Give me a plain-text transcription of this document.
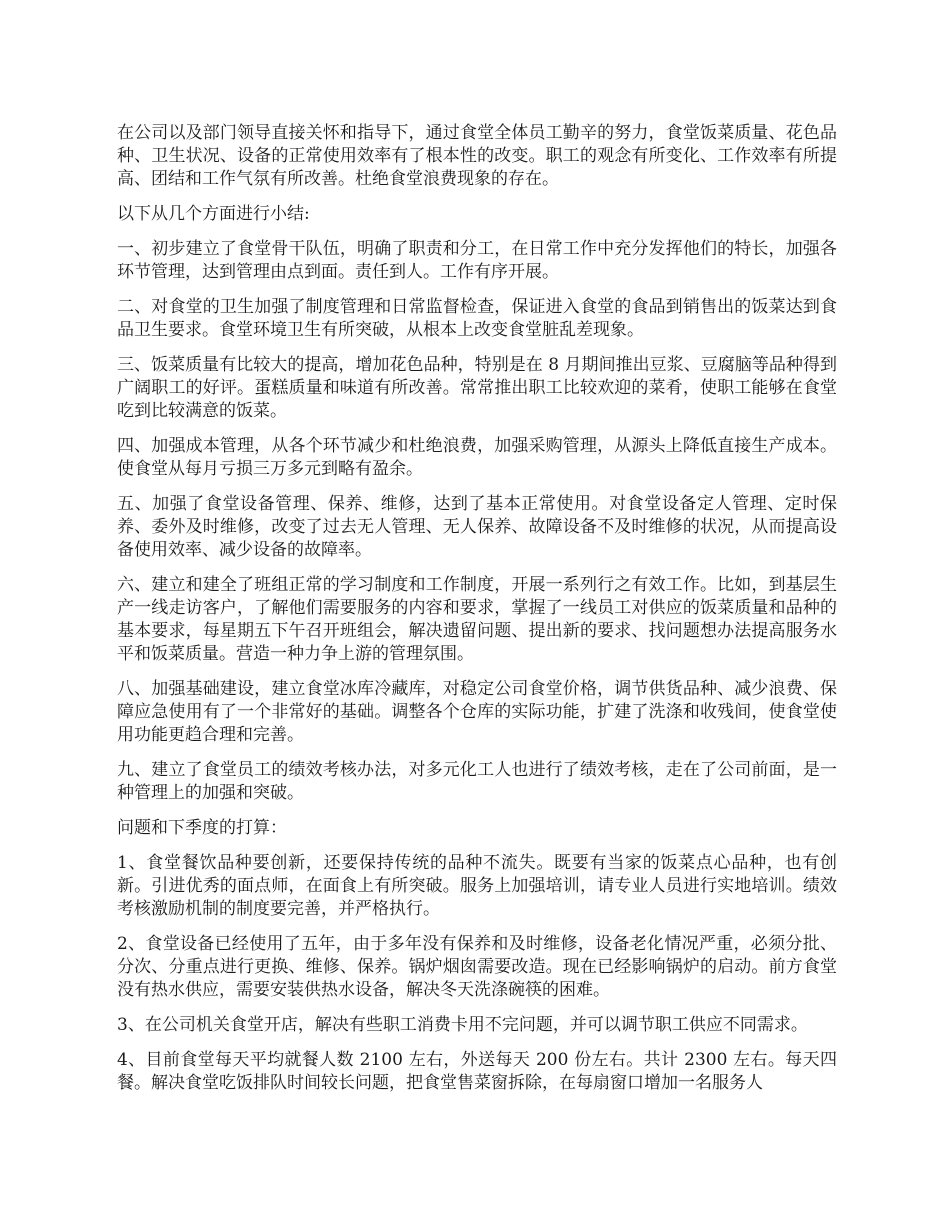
在公司以及部门领导直接关怀和指导下，通过食堂全体员工勤辛的努力，食堂饭菜质量、花色品种、卫生状况、设备的正常使用效率有了根本性的改变。职工的观念有所变化、工作效率有所提高、团结和工作气氛有所改善。杜绝食堂浪费现象的存在。

以下从几个方面进行小结:

一、初步建立了食堂骨干队伍，明确了职责和分工，在日常工作中充分发挥他们的特长，加强各环节管理，达到管理由点到面。责任到人。工作有序开展。

二、对食堂的卫生加强了制度管理和日常监督检查，保证进入食堂的食品到销售出的饭菜达到食品卫生要求。食堂环境卫生有所突破，从根本上改变食堂脏乱差现象。

三、饭菜质量有比较大的提高，增加花色品种，特别是在 8 月期间推出豆浆、豆腐脑等品种得到广阔职工的好评。蛋糕质量和味道有所改善。常常推出职工比较欢迎的菜肴，使职工能够在食堂吃到比较满意的饭菜。

四、加强成本管理，从各个环节减少和杜绝浪费，加强采购管理，从源头上降低直接生产成本。使食堂从每月亏损三万多元到略有盈余。

五、加强了食堂设备管理、保养、维修，达到了基本正常使用。对食堂设备定人管理、定时保养、委外及时维修，改变了过去无人管理、无人保养、故障设备不及时维修的状况，从而提高设备使用效率、减少设备的故障率。

六、建立和建全了班组正常的学习制度和工作制度，开展一系列行之有效工作。比如，到基层生产一线走访客户，了解他们需要服务的内容和要求，掌握了一线员工对供应的饭菜质量和品种的基本要求，每星期五下午召开班组会，解决遗留问题、提出新的要求、找问题想办法提高服务水平和饭菜质量。营造一种力争上游的管理氛围。

八、加强基础建设，建立食堂冰库冷藏库，对稳定公司食堂价格，调节供货品种、减少浪费、保障应急使用有了一个非常好的基础。调整各个仓库的实际功能，扩建了洗涤和收残间，使食堂使用功能更趋合理和完善。

九、建立了食堂员工的绩效考核办法，对多元化工人也进行了绩效考核，走在了公司前面，是一种管理上的加强和突破。

问题和下季度的打算：

1、食堂餐饮品种要创新，还要保持传统的品种不流失。既要有当家的饭菜点心品种，也有创新。引进优秀的面点师，在面食上有所突破。服务上加强培训，请专业人员进行实地培训。绩效考核激励机制的制度要完善，并严格执行。

2、食堂设备已经使用了五年，由于多年没有保养和及时维修，设备老化情况严重，必须分批、分次、分重点进行更换、维修、保养。锅炉烟囱需要改造。现在已经影响锅炉的启动。前方食堂没有热水供应，需要安装供热水设备，解决冬天洗涤碗筷的困难。

3、在公司机关食堂开店，解决有些职工消费卡用不完问题，并可以调节职工供应不同需求。

4、目前食堂每天平均就餐人数 2100 左右，外送每天 200 份左右。共计 2300 左右。每天四餐。解决食堂吃饭排队时间较长问题，把食堂售菜窗拆除，在每扇窗口增加一名服务人
